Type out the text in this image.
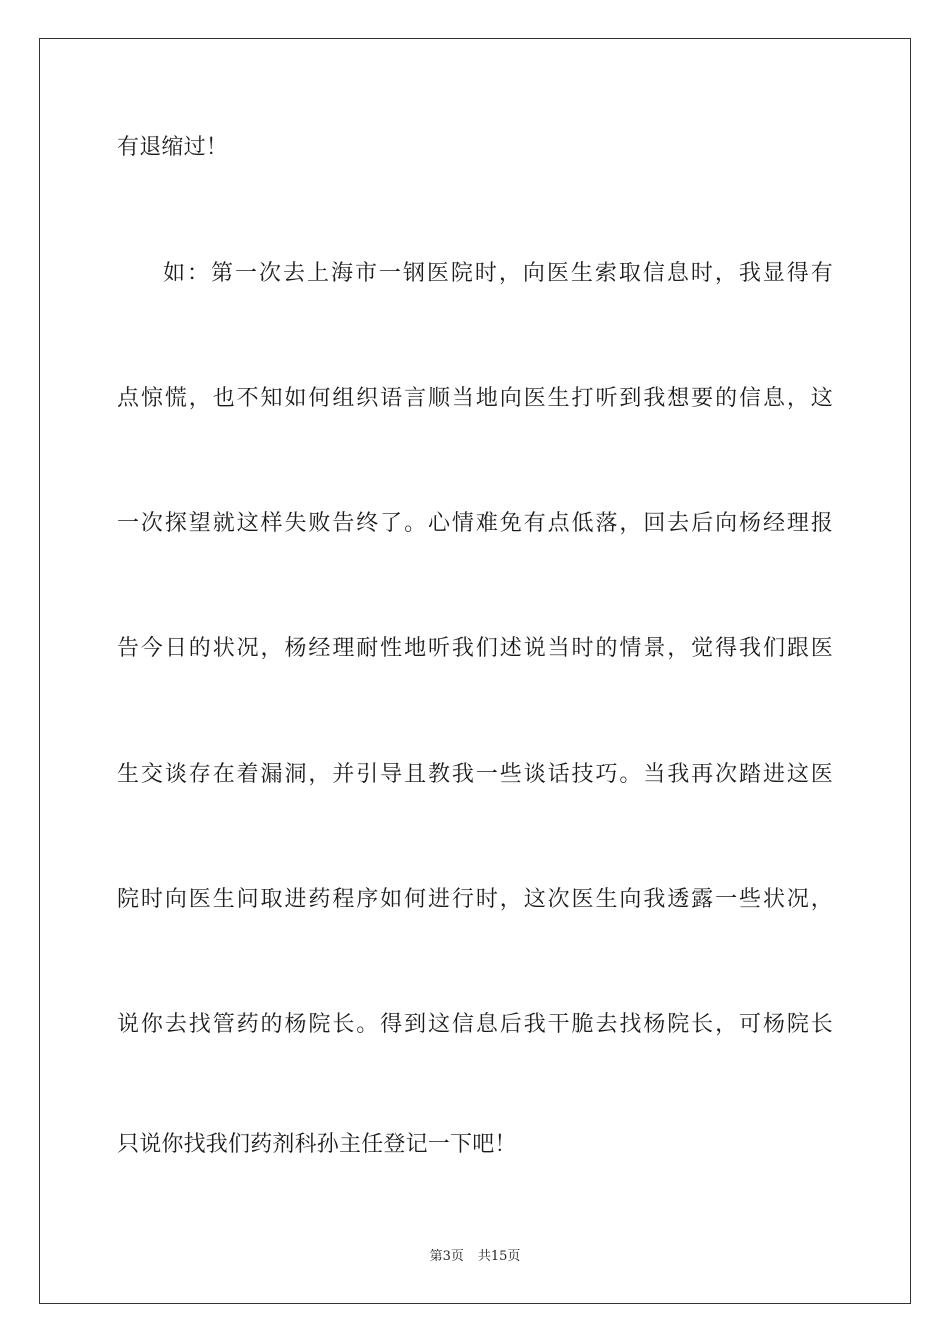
有退缩过！
如：第一次去上海市一钢医院时，向医生索取信息时，我显得有
点惊慌，也不知如何组织语言顺当地向医生打听到我想要的信息，这
一次探望就这样失败告终了。心情难免有点低落，回去后向杨经理报
告今日的状况，杨经理耐性地听我们述说当时的情景，觉得我们跟医
生交谈存在着漏洞，并引导且教我一些谈话技巧。当我再次踏进这医
院时向医生问取进药程序如何进行时，这次医生向我透露一些状况，
说你去找管药的杨院长。得到这信息后我干脆去找杨院长，可杨院长
只说你找我们药剂科孙主任登记一下吧！
第3页 共15页
